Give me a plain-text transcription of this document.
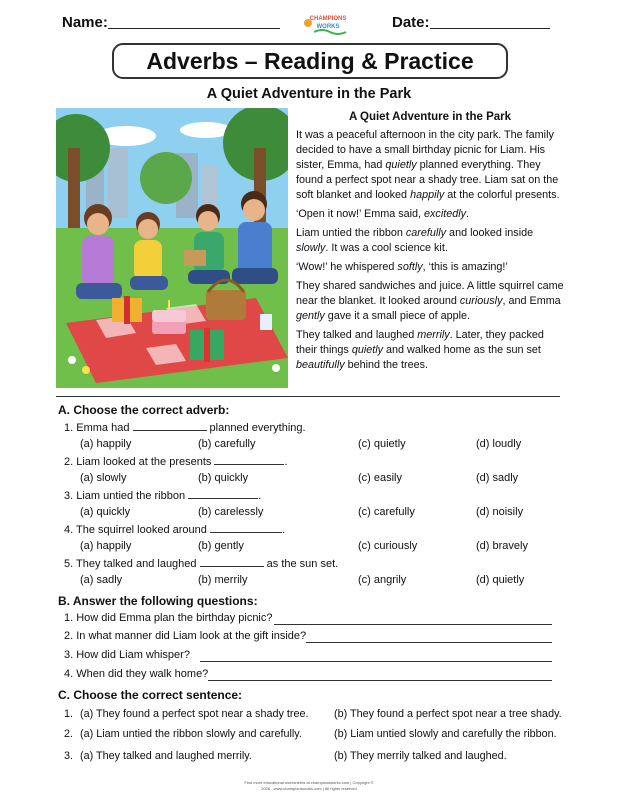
Name:	CHAMPIONS
WORKS	Date:
Adverbs – Reading & Practice
A Quiet Adventure in the Park
A Quiet Adventure in the Park

It was a peaceful afternoon in the city park. The family decided to have a small birthday picnic for Liam. His sister, Emma, had quietly planned everything. They found a perfect spot near a shady tree. Liam sat on the soft blanket and looked happily at the colorful presents.

‘Open it now!’ Emma said, excitedly.

Liam untied the ribbon carefully and looked inside slowly. It was a cool science kit.

‘Wow!’ he whispered softly, ‘this is amazing!’

They shared sandwiches and juice. A little squirrel came near the blanket. It looked around curiously, and Emma gently gave it a small piece of apple.

They talked and laughed merrily. Later, they packed their things quietly and walked home as the sun set beautifully behind the trees.

A. Choose the correct adverb:
1. Emma had	planned everything.
(a) happily	(b) carefully	(c) quietly	(d) loudly
2. Liam looked at the presents	.
(a) slowly	(b) quickly	(c) easily	(d) sadly
3. Liam untied the ribbon	.
(a) quickly	(b) carelessly	(c) carefully	(d) noisily
4. The squirrel looked around	.
(a) happily	(b) gently	(c) curiously	(d) bravely
5. They talked and laughed	as the sun set.
(a) sadly	(b) merrily	(c) angrily	(d) quietly
B. Answer the following questions:
1. How did Emma plan the birthday picnic?
2. In what manner did Liam look at the gift inside?
3. How did Liam whisper?
4. When did they walk home?
C. Choose the correct sentence:
1. (a) They found a perfect spot near a shady tree. (b) They found a perfect spot near a tree shady.
2. (a) Liam untied the ribbon slowly and carefully.	(b) Liam untied slowly and carefully the ribbon.
3. (a) They talked and laughed merrily.	(b) They merrily talked and laughed.
Find more educational worksheets at championsworks.com | Copyright ©
2026 - www.championsworks.com | All rights reserved
